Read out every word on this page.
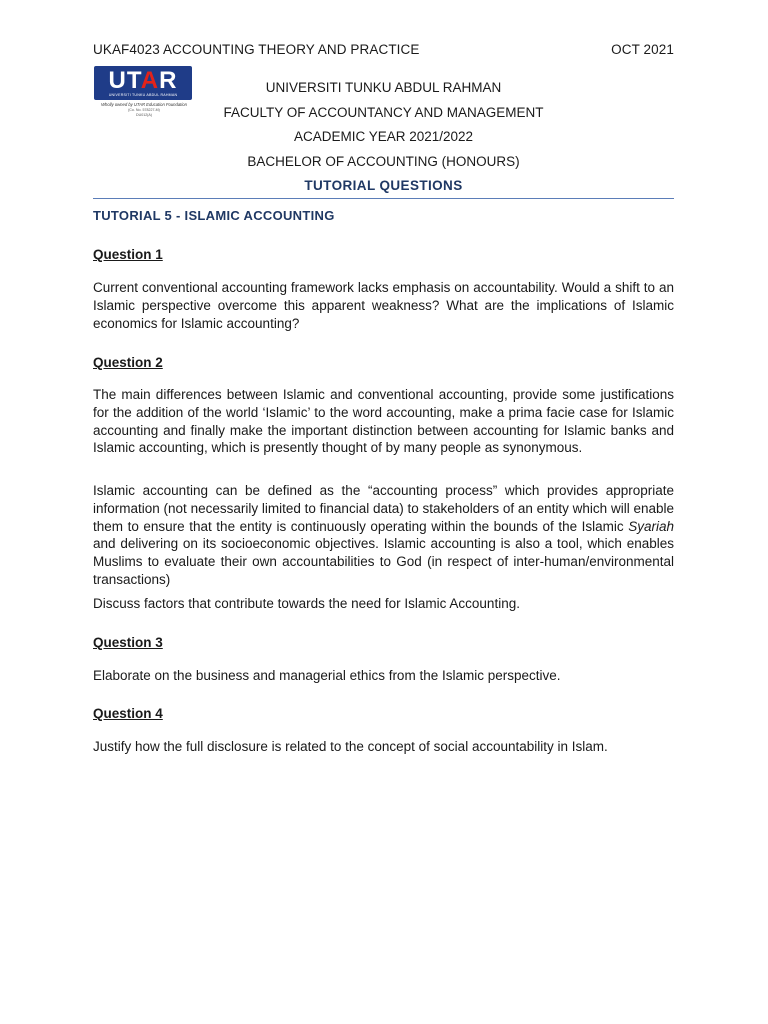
UKAF4023 ACCOUNTING THEORY AND PRACTICE	OCT 2021
UTAR
UNIVERSITI TUNKU ABDUL RAHMAN
Wholly owned by UTAR Education Foundation
(Co. No. 578227-M)
DU012(A)
UNIVERSITI TUNKU ABDUL RAHMAN
FACULTY OF ACCOUNTANCY AND MANAGEMENT
ACADEMIC YEAR 2021/2022
BACHELOR OF ACCOUNTING (HONOURS)
TUTORIAL QUESTIONS
TUTORIAL 5 - ISLAMIC ACCOUNTING
Question 1
Current conventional accounting framework lacks emphasis on accountability. Would a shift to an Islamic perspective overcome this apparent weakness? What are the implications of Islamic economics for Islamic accounting?
Question 2
The main differences between Islamic and conventional accounting, provide some justifications for the addition of the world ‘Islamic’ to the word accounting, make a prima facie case for Islamic accounting and finally make the important distinction between accounting for Islamic banks and Islamic accounting, which is presently thought of by many people as synonymous.
Islamic accounting can be defined as the “accounting process” which provides appropriate information (not necessarily limited to financial data) to stakeholders of an entity which will enable them to ensure that the entity is continuously operating within the bounds of the Islamic Syariah and delivering on its socioeconomic objectives. Islamic accounting is also a tool, which enables Muslims to evaluate their own accountabilities to God (in respect of inter-human/environmental transactions)
Discuss factors that contribute towards the need for Islamic Accounting.
Question 3
Elaborate on the business and managerial ethics from the Islamic perspective.
Question 4
Justify how the full disclosure is related to the concept of social accountability in Islam.
